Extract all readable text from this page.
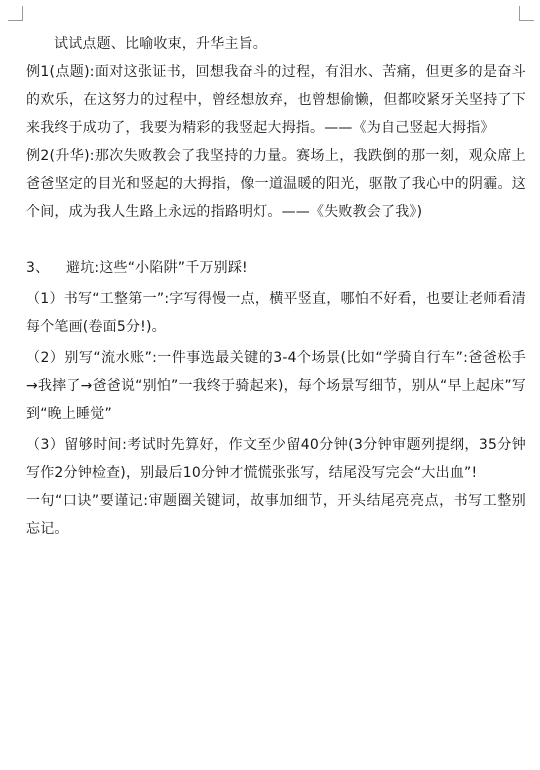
试试点题、比喻收束，升华主旨。

例1(点题):面对这张证书，回想我奋斗的过程，有泪水、苦痛，但更多的是奋斗的欢乐，在这努力的过程中，曾经想放弃，也曾想偷懒，但都咬紧牙关坚持了下来我终于成功了，我要为精彩的我竖起大拇指。——《为自己竖起大拇指》

例2(升华):那次失败教会了我坚持的力量。赛场上，我跌倒的那一刻，观众席上爸爸坚定的目光和竖起的大拇指，像一道温暖的阳光，驱散了我心中的阴霾。这个间，成为我人生路上永远的指路明灯。——《失败教会了我》)

3、 避坑:这些“小陷阱”千万别踩!

（1）书写“工整第一”:字写得慢一点，横平竖直，哪怕不好看，也要让老师看清每个笔画(卷面5分!)。

（2）别写“流水账”:一件事选最关键的3-4个场景(比如“学骑自行车”:爸爸松手→我摔了→爸爸说“别怕”一我终于骑起来)，每个场景写细节，别从“早上起床”写到“晚上睡觉”

（3）留够时间:考试时先算好，作文至少留40分钟(3分钟审题列提纲，35分钟写作2分钟检查)，别最后10分钟才慌慌张张写，结尾没写完会“大出血”!

一句“口诀”要谨记:审题圈关键词，故事加细节，开头结尾亮亮点，书写工整别忘记。
